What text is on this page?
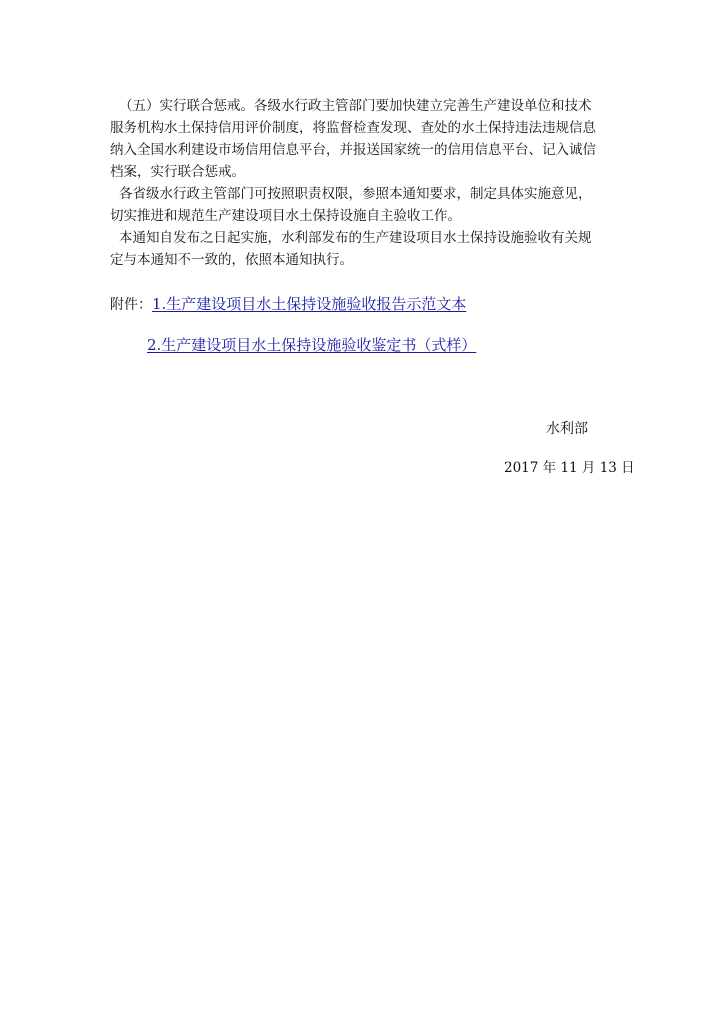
（五）实行联合惩戒。各级水行政主管部门要加快建立完善生产建设单位和技术
服务机构水土保持信用评价制度，将监督检查发现、查处的水土保持违法违规信息
纳入全国水利建设市场信用信息平台，并报送国家统一的信用信息平台、记入诚信
档案，实行联合惩戒。
各省级水行政主管部门可按照职责权限，参照本通知要求，制定具体实施意见，
切实推进和规范生产建设项目水土保持设施自主验收工作。
本通知自发布之日起实施，水利部发布的生产建设项目水土保持设施验收有关规
定与本通知不一致的，依照本通知执行。
附件：1.生产建设项目水土保持设施验收报告示范文本
2.生产建设项目水土保持设施验收鉴定书（式样）
水利部
2017 年 11 月 13 日
